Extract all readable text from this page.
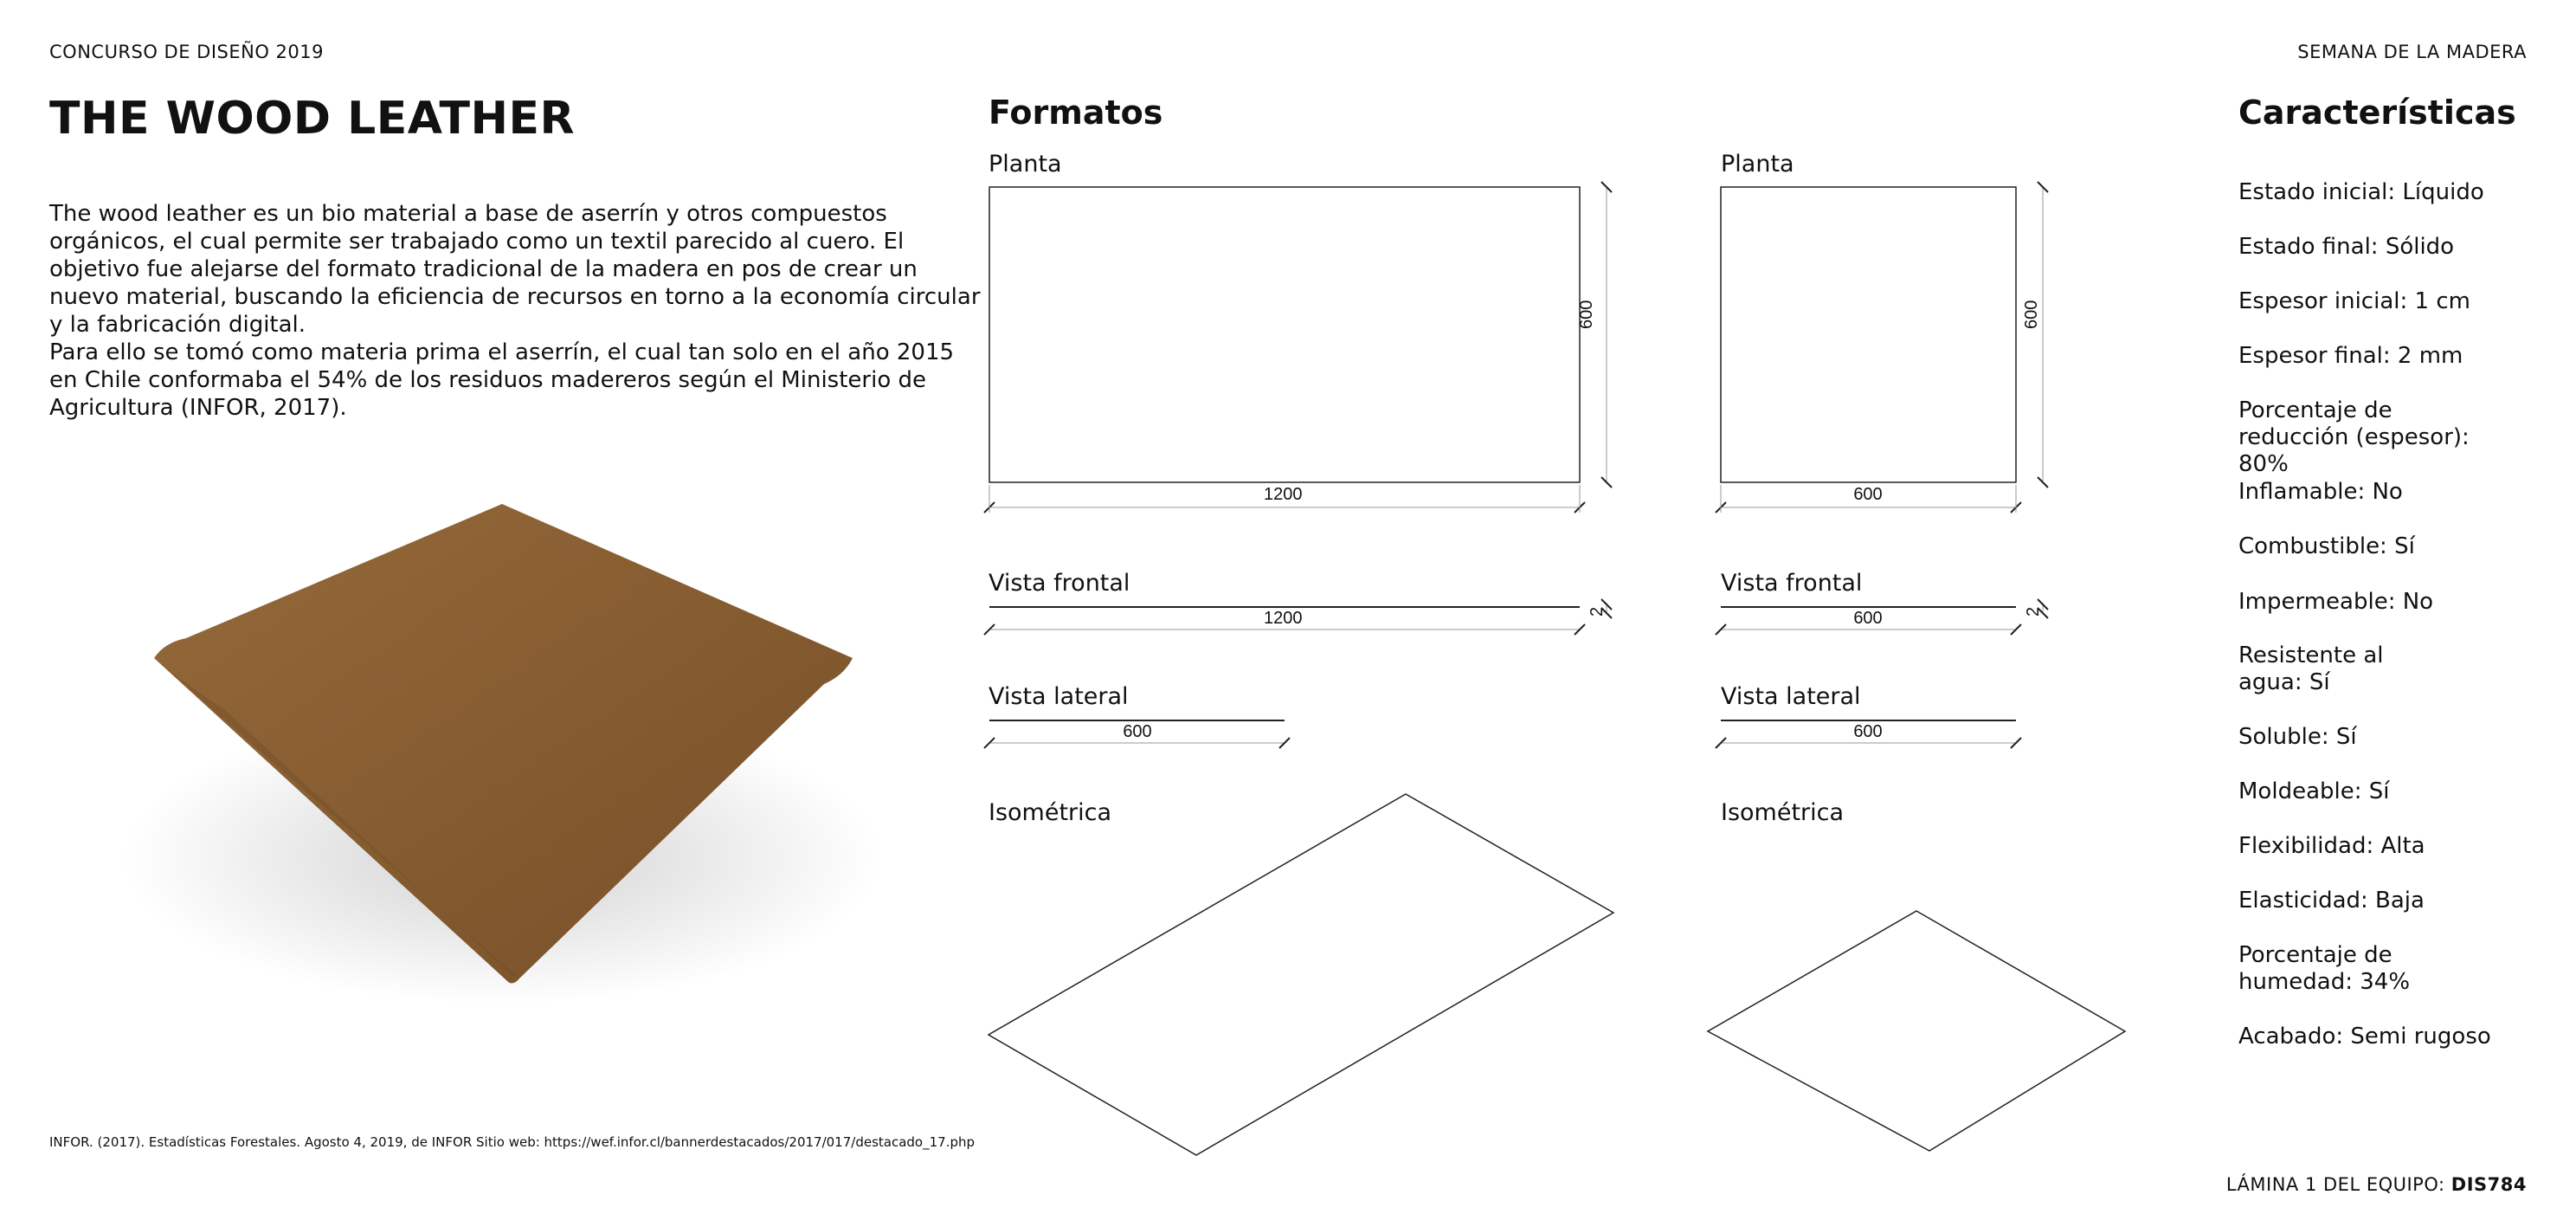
CONCURSO DE DISEÑO 2019	SEMANA DE LA MADERA
THE WOOD LEATHER
The wood leather es un bio material a base de aserrín y otros compuestos orgánicos, el cual permite ser trabajado como un textil parecido al cuero. El objetivo fue alejarse del formato tradicional de la madera en pos de crear un nuevo material, buscando la eficiencia de recursos en torno a la economía circular y la fabricación digital.
Para ello se tomó como materia prima el aserrín, el cual tan solo en el año 2015 en Chile conformaba el 54% de los residuos madereros según el Ministerio de Agricultura (INFOR, 2017).
Formatos
Planta
1200
600
Vista frontal
1200	2
Vista lateral
600
Isométrica
Planta
600
600
Vista frontal
600	2
Vista lateral
600
Isométrica
Características
Estado inicial: Líquido
Estado final: Sólido
Espesor inicial: 1 cm
Espesor final: 2 mm
Porcentaje de reducción (espesor): 80%
Inflamable: No
Combustible: Sí
Impermeable: No
Resistente al agua: Sí
Soluble: Sí
Moldeable: Sí
Flexibilidad: Alta
Elasticidad: Baja
Porcentaje de humedad: 34%
Acabado: Semi rugoso
INFOR. (2017). Estadísticas Forestales. Agosto 4, 2019, de INFOR Sitio web: https://wef.infor.cl/bannerdestacados/2017/017/destacado_17.php
LÁMINA 1 DEL EQUIPO: DIS784
